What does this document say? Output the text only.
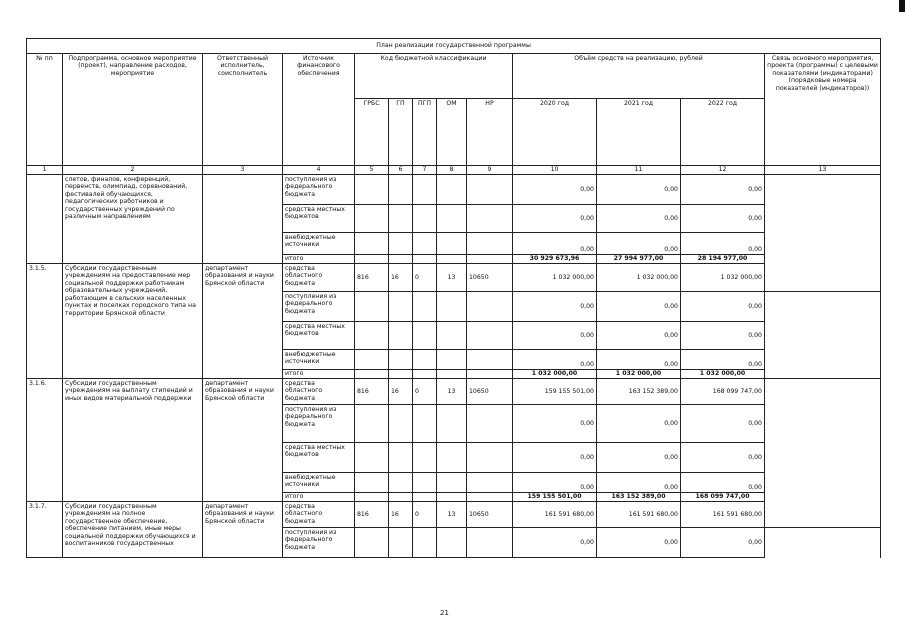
План реализации государственной программы													
№ пп	Подпрограмма, основное мероприятие (проект), направление расходов, мероприятие	Ответственный исполнитель, соисполнитель	Источник финансового обеспечения	Код бюджетной классификации					Объём средств на реализацию, рублей			Связь основного мероприятия, проекта (программы) с целевыми показателями (индикаторами) (порядковые номера показателей (индикаторов))	
				ГРБС	ГП	ПГП	ОМ	НР	2020 год	2021 год	2022 год		
1	2	3	4	5	6	7	8	9	10	11	12	13	
	слетов, финалов, конференций, первенств, олимпиад, соревнований, фестивалей обучающихся, педагогических работников и государственных учреждений по различным направлениям		поступления из федерального бюджета						0,00	0,00	0,00		
			средства местных бюджетов						0,00	0,00	0,00		
			внебюджетные источники						0,00	0,00	0,00		
			итого						30 929 673,96	27 994 977,00	28 194 977,00		
3.1.5.	Субсидии государственным учреждениям на предоставление мер социальной поддержки работникам образовательных учреждений, работающим в сельских населенных пунктах и поселках городского типа на территории Брянской области	департамент образования и науки Брянской области	средства областного бюджета	816	16	0	13	10650	1 032 000,00	1 032 000,00	1 032 000,00		
			поступления из федерального бюджета						0,00	0,00	0,00		
			средства местных бюджетов						0,00	0,00	0,00		
			внебюджетные источники						0,00	0,00	0,00		
			итого						1 032 000,00	1 032 000,00	1 032 000,00		
3.1.6.	Субсидии государственным учреждениям на выплату стипендий и иных видов материальной поддержки	департамент образования и науки Брянской области	средства областного бюджета	816	16	0	13	10650	159 155 501,00	163 152 389,00	168 099 747,00		
			поступления из федерального бюджета						0,00	0,00	0,00		
			средства местных бюджетов						0,00	0,00	0,00		
			внебюджетные источники						0,00	0,00	0,00		
			итого						159 155 501,00	163 152 389,00	168 099 747,00		
3.1.7.	Субсидии государственным учреждениям на полное государственное обеспечение, обеспечение питанием, иные меры социальной поддержки обучающихся и воспитанников государственных	департамент образования и науки Брянской области	средства областного бюджета	816	16	0	13	10650	161 591 680,00	161 591 680,00	161 591 680,00		
			поступления из федерального бюджета						0,00	0,00	0,00		
21
